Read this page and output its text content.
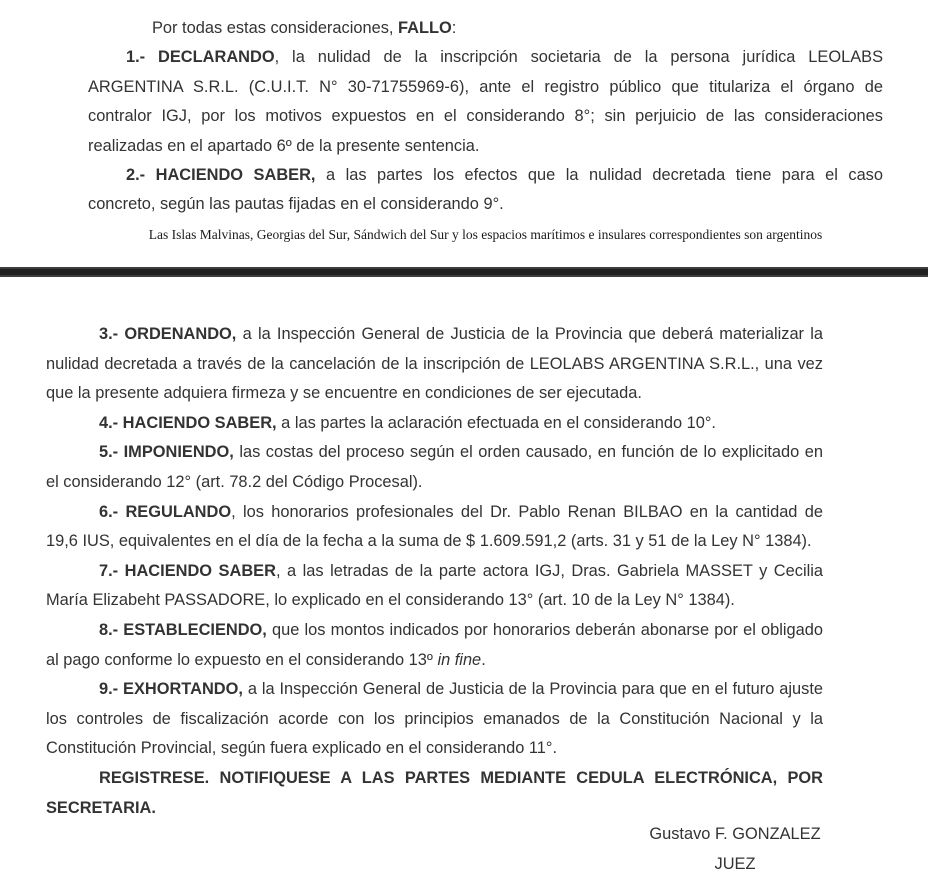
Por todas estas consideraciones, FALLO:
1.- DECLARANDO, la nulidad de la inscripción societaria de la persona jurídica LEOLABS
ARGENTINA S.R.L. (C.U.I.T. N° 30-71755969-6), ante el registro público que titulariza el órgano de
contralor IGJ, por los motivos expuestos en el considerando 8°; sin perjuicio de las consideraciones
realizadas en el apartado 6º de la presente sentencia.
2.- HACIENDO SABER, a las partes los efectos que la nulidad decretada tiene para el caso
concreto, según las pautas fijadas en el considerando 9°.
Las Islas Malvinas, Georgias del Sur, Sándwich del Sur y los espacios marítimos e insulares correspondientes son argentinos
3.- ORDENANDO, a la Inspección General de Justicia de la Provincia que deberá materializar la
nulidad decretada a través de la cancelación de la inscripción de LEOLABS ARGENTINA S.R.L., una vez
que la presente adquiera firmeza y se encuentre en condiciones de ser ejecutada.
4.- HACIENDO SABER, a las partes la aclaración efectuada en el considerando 10°.
5.- IMPONIENDO, las costas del proceso según el orden causado, en función de lo explicitado en
el considerando 12° (art. 78.2 del Código Procesal).
6.- REGULANDO, los honorarios profesionales del Dr. Pablo Renan BILBAO en la cantidad de
19,6 IUS, equivalentes en el día de la fecha a la suma de $ 1.609.591,2 (arts. 31 y 51 de la Ley N° 1384).
7.- HACIENDO SABER, a las letradas de la parte actora IGJ, Dras. Gabriela MASSET y Cecilia
María Elizabeht PASSADORE, lo explicado en el considerando 13° (art. 10 de la Ley N° 1384).
8.- ESTABLECIENDO, que los montos indicados por honorarios deberán abonarse por el obligado
al pago conforme lo expuesto en el considerando 13º in fine.
9.- EXHORTANDO, a la Inspección General de Justicia de la Provincia para que en el futuro ajuste
los controles de fiscalización acorde con los principios emanados de la Constitución Nacional y la
Constitución Provincial, según fuera explicado en el considerando 11°.
REGISTRESE. NOTIFIQUESE A LAS PARTES MEDIANTE CEDULA ELECTRÓNICA, POR
SECRETARIA.
Gustavo F. GONZALEZ
JUEZ
